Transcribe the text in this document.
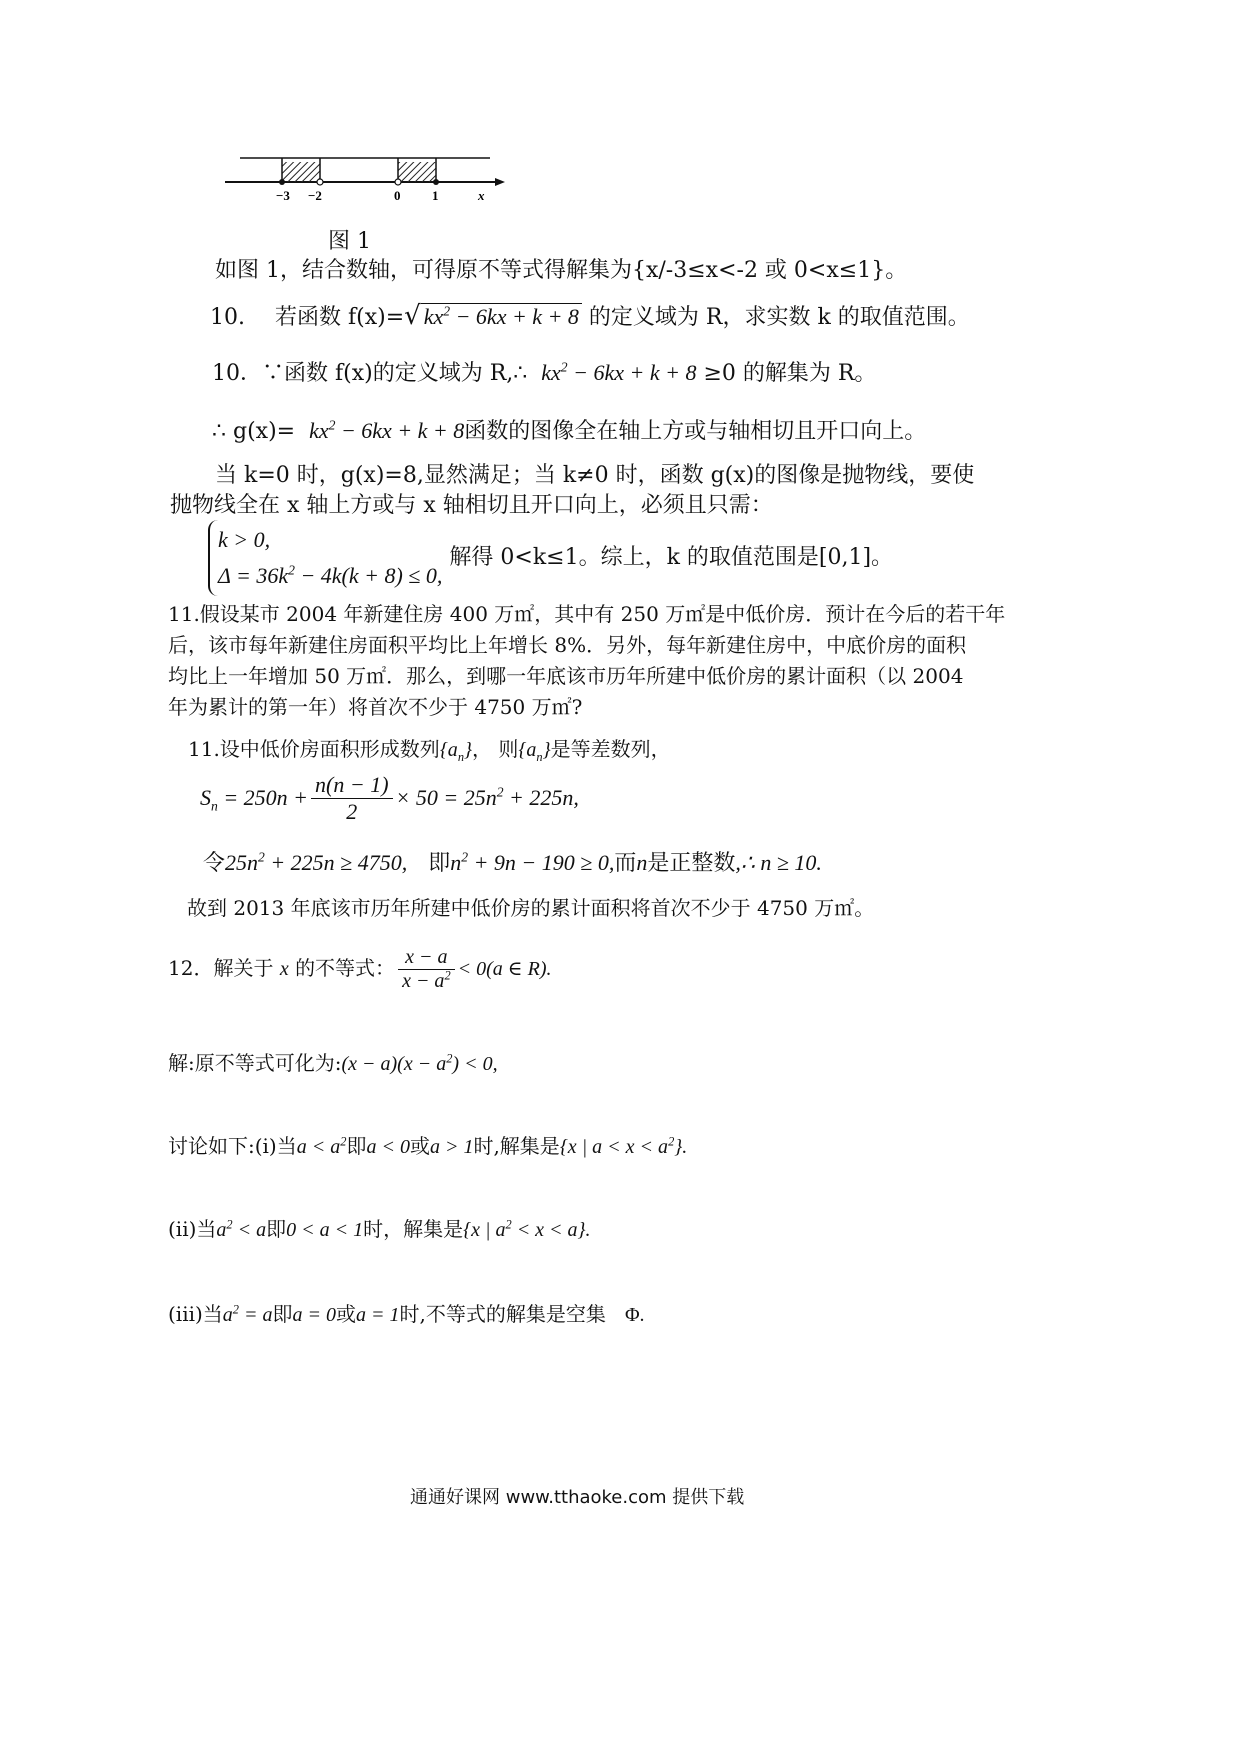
−3 −2	0 1	x
图 1
如图 1，结合数轴，可得原不等式得解集为{x/-3≤x<-2 或 0<x≤1}。
10. 若函数 f(x)=√ $kx^2 - 6kx + k + 8$ 的定义域为 R，求实数 k 的取值范围。
10．∵函数 f(x)的定义域为 R,∴ $kx^2 - 6kx + k + 8 \ge 0$ 的解集为 R。
∴ $g(x)= kx^2 - 6kx + k + 8$函数的图像全在轴上方或与轴相切且开口向上。
当 k=0 时，g(x)=8,显然满足；当 k≠0 时，函数 g(x)的图像是抛物线，要使
抛物线全在 x 轴上方或与 x 轴相切且开口向上，必须且只需：
k > 0,
$\Delta = 36k^2 - 4k(k + 8) \le 0$, 解得 0<k≤1。综上，k 的取值范围是[0,1]。
11.假设某市 2004 年新建住房 400 万㎡，其中有 250 万㎡是中低价房．预计在今后的若干年
后，该市每年新建住房面积平均比上年增长 8%．另外，每年新建住房中，中底价房的面积
均比上一年增加 50 万㎡．那么，到哪一年底该市历年所建中低价房的累计面积（以 2004
年为累计的第一年）将首次不少于 4750 万㎡?
11.设中低价房面积形成数列$\{a_n\}$， 则$\{a_n\}$是等差数列，
$S_n = 250n + \frac{n(n - 1)}{2} \times 50 = 25n^2 + 225n$,
令$25n^2 + 225n \ge 4750$, 即$n^2 + 9n - 190 \ge 0$,而n是正整数,∴ n ≥ 10.
故到 2013 年底该市历年所建中低价房的累计面积将首次不少于 4750 万㎡。
12．解关于 x 的不等式： $\frac{x - a}{x - a^2} < 0(a$ ∈ R).
解:原不等式可化为:(x − $a)(x - a^2) < 0$,
讨论如下:(i)当$a < a^2$即a < 0或a > 1时,解集是{x | $a < x < a^2$}.
(ii)当$a^2 < a$即0 < a < 1时，解集是{x | $a^2 < x < a$}.
(iii)当$a^2 = a$即a = 0或a = 1时,不等式的解集是空集 Φ.
通通好课网 www.tthaoke.com 提供下载
